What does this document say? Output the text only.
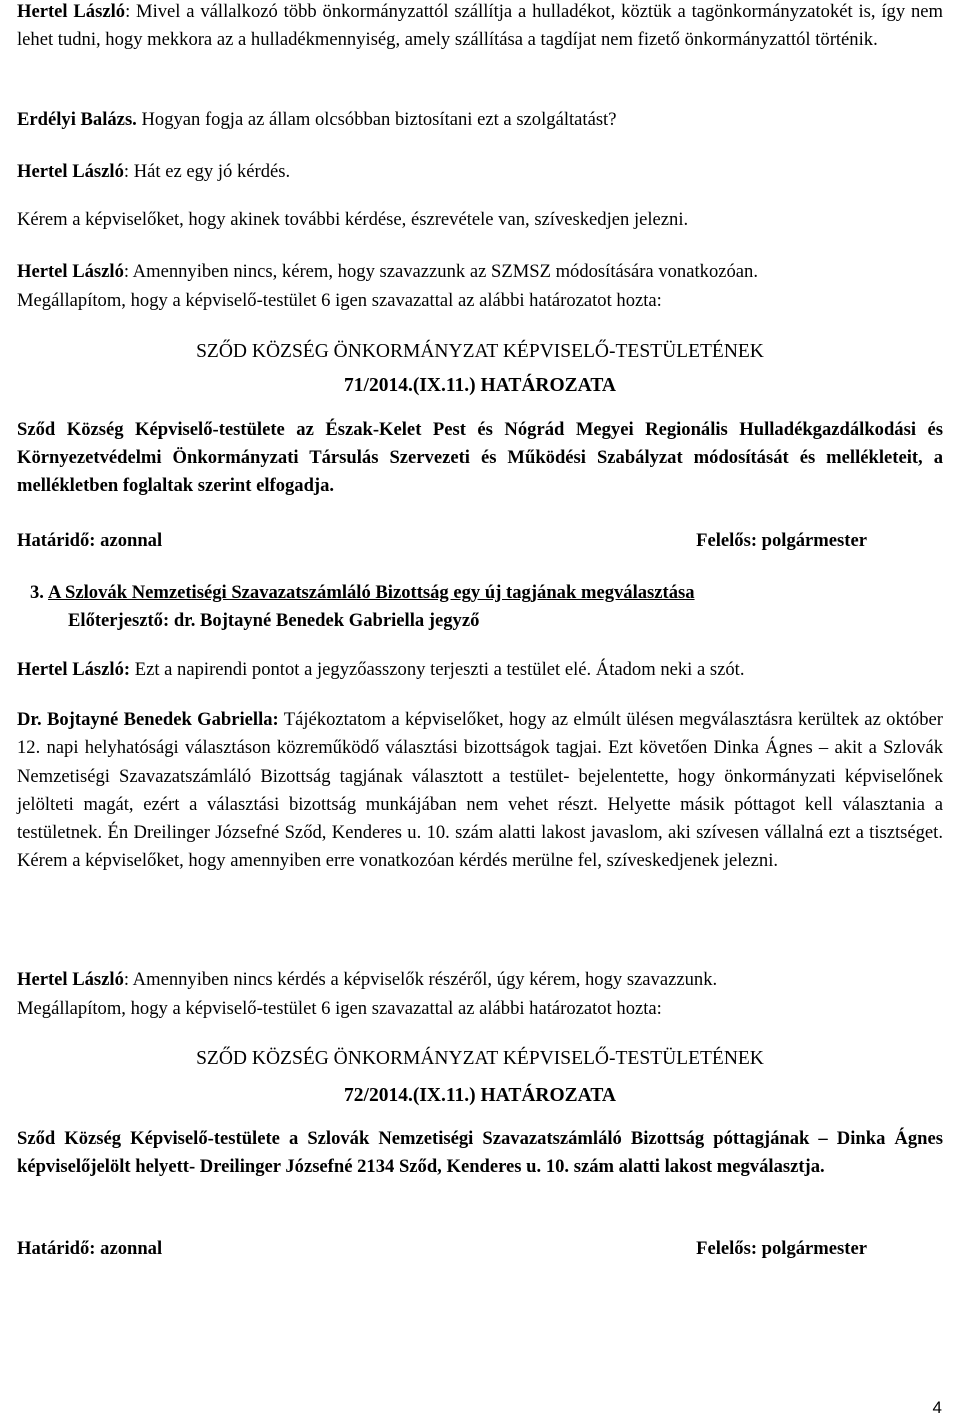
Hertel László: Mivel a vállalkozó több önkormányzattól szállítja a hulladékot, köztük a tagönkormányzatokét is, így nem lehet tudni, hogy mekkora az a hulladékmennyiség, amely szállítása a tagdíjat nem fizető önkormányzattól történik.

Erdélyi Balázs. Hogyan fogja az állam olcsóbban biztosítani ezt a szolgáltatást?

Hertel László: Hát ez egy jó kérdés.

Kérem a képviselőket, hogy akinek további kérdése, észrevétele van, szíveskedjen jelezni.

Hertel László: Amennyiben nincs, kérem, hogy szavazzunk az SZMSZ módosítására vonatkozóan.

Megállapítom, hogy a képviselő-testület 6 igen szavazattal az alábbi határozatot hozta:

SZŐD KÖZSÉG ÖNKORMÁNYZAT KÉPVISELŐ-TESTÜLETÉNEK

71/2014.(IX.11.) HATÁROZATA

Sződ Község Képviselő-testülete az Észak-Kelet Pest és Nógrád Megyei Regionális Hulladékgazdálkodási és Környezetvédelmi Önkormányzati Társulás Szervezeti és Működési Szabályzat módosítását és mellékleteit, a mellékletben foglaltak szerint elfogadja.

Határidő: azonnal	Felelős: polgármester
3. A Szlovák Nemzetiségi Szavazatszámláló Bizottság egy új tagjának megválasztása
Előterjesztő: dr. Bojtayné Benedek Gabriella jegyző

Hertel László: Ezt a napirendi pontot a jegyzőasszony terjeszti a testület elé. Átadom neki a szót.

Dr. Bojtayné Benedek Gabriella: Tájékoztatom a képviselőket, hogy az elmúlt ülésen megválasztásra kerültek az október 12. napi helyhatósági választáson közreműködő választási bizottságok tagjai. Ezt követően Dinka Ágnes – akit a Szlovák Nemzetiségi Szavazatszámláló Bizottság tagjának választott a testület- bejelentette, hogy önkormányzati képviselőnek jelölteti magát, ezért a választási bizottság munkájában nem vehet részt. Helyette másik póttagot kell választania a testületnek. Én Dreilinger Józsefné Sződ, Kenderes u. 10. szám alatti lakost javaslom, aki szívesen vállalná ezt a tisztséget. Kérem a képviselőket, hogy amennyiben erre vonatkozóan kérdés merülne fel, szíveskedjenek jelezni.

Hertel László: Amennyiben nincs kérdés a képviselők részéről, úgy kérem, hogy szavazzunk.

Megállapítom, hogy a képviselő-testület 6 igen szavazattal az alábbi határozatot hozta:

SZŐD KÖZSÉG ÖNKORMÁNYZAT KÉPVISELŐ-TESTÜLETÉNEK

72/2014.(IX.11.) HATÁROZATA

Sződ Község Képviselő-testülete a Szlovák Nemzetiségi Szavazatszámláló Bizottság póttagjának – Dinka Ágnes képviselőjelölt helyett- Dreilinger Józsefné 2134 Sződ, Kenderes u. 10. szám alatti lakost megválasztja.

Határidő: azonnal	Felelős: polgármester
4
